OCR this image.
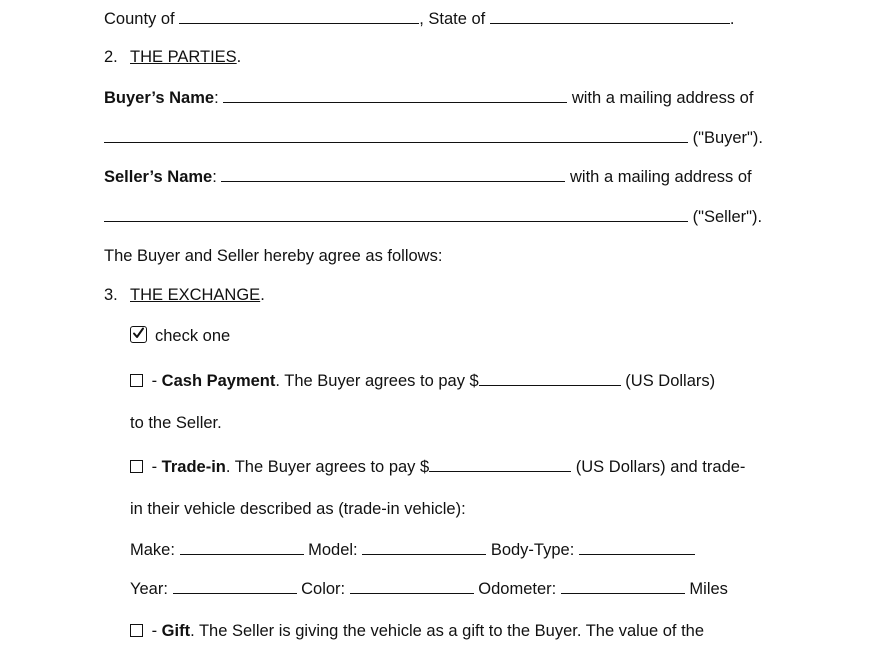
County of	, State of	.
2. THE PARTIES.
Buyer’s Name:	with a mailing address of
("Buyer").
Seller’s Name:	with a mailing address of
("Seller").
The Buyer and Seller hereby agree as follows:
3. THE EXCHANGE.
check one
- Cash Payment. The Buyer agrees to pay $	(US Dollars)
to the Seller.
- Trade-in. The Buyer agrees to pay $	(US Dollars) and trade-
in their vehicle described as (trade-in vehicle):
Make:	Model:	Body-Type:
Year:	Color:	Odometer:	Miles
- Gift. The Seller is giving the vehicle as a gift to the Buyer. The value of the
